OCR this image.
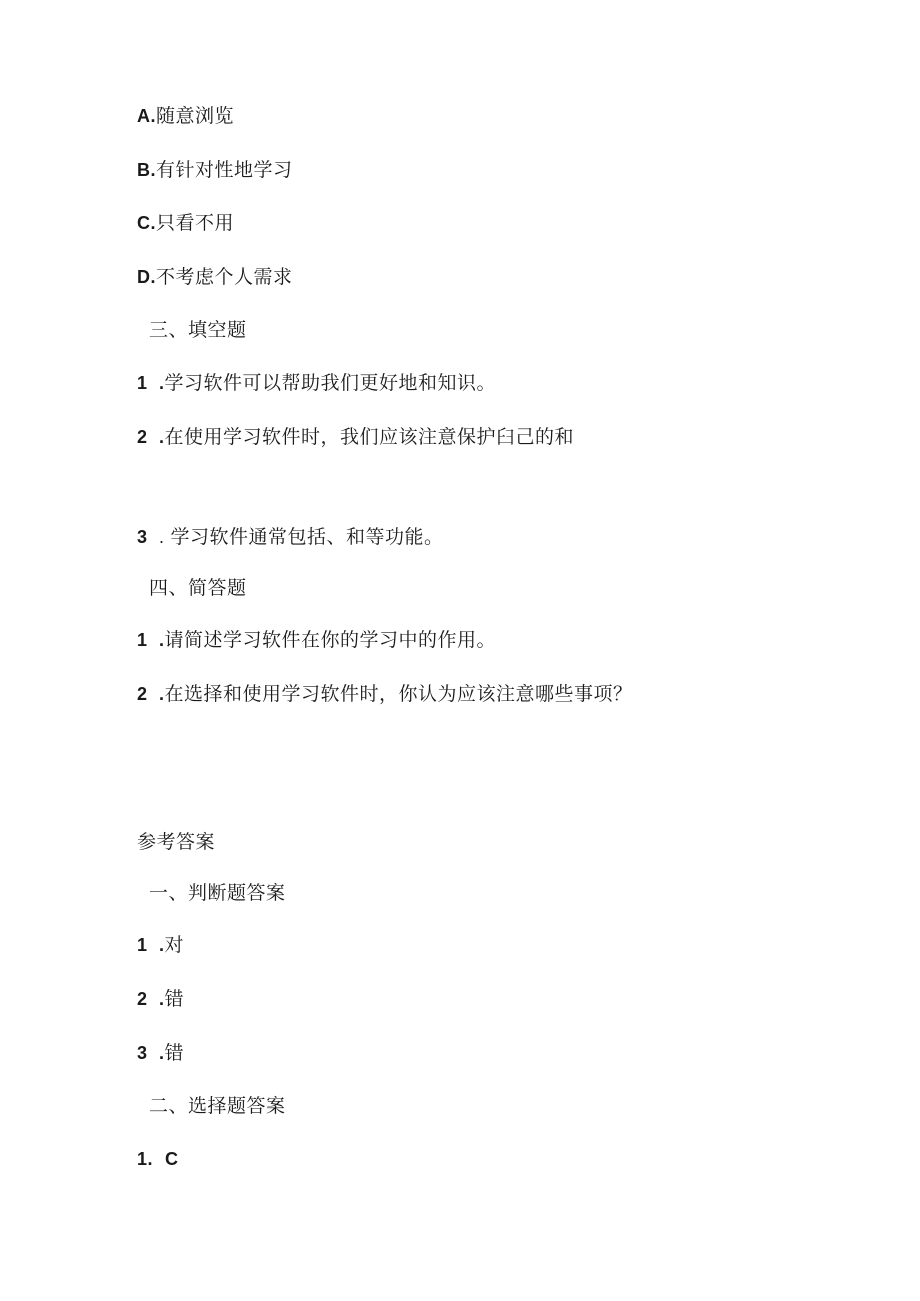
A.随意浏览
B.有针对性地学习
C.只看不用
D.不考虑个人需求
三、填空题
1 .学习软件可以帮助我们更好地和知识。
2 .在使用学习软件时，我们应该注意保护臼己的和
3 . 学习软件通常包括、和等功能。
四、简答题
1 .请简述学习软件在你的学习中的作用。
2 .在选择和使用学习软件时，你认为应该注意哪些事项？
参考答案
一、判断题答案
1 .对
2 .错
3 .错
二、选择题答案
1. C
